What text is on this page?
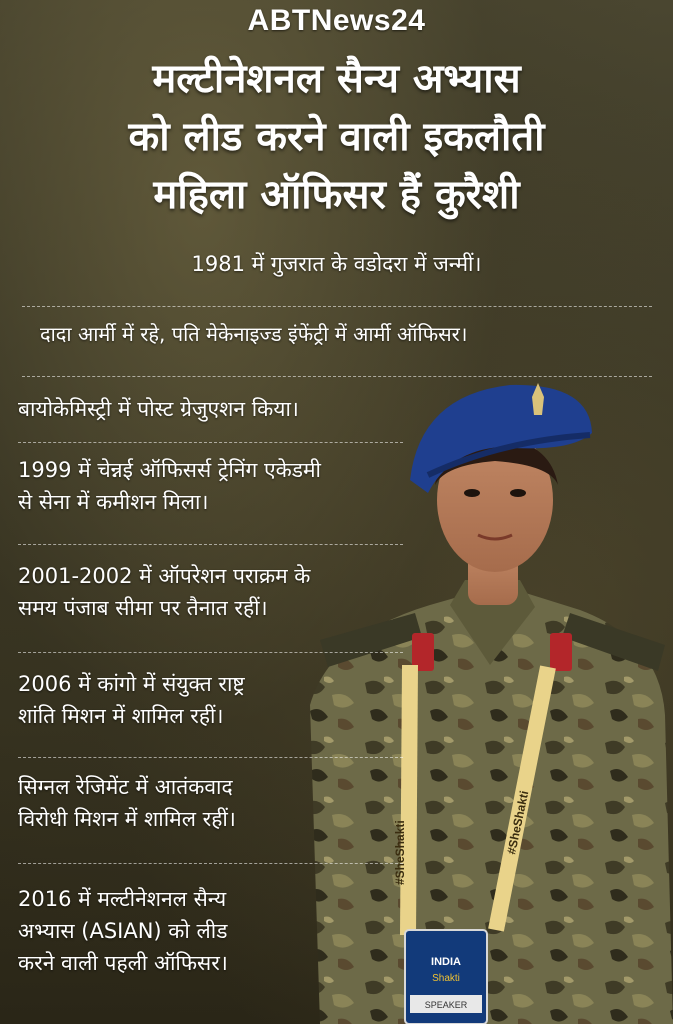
ABTNews24
मल्टीनेशनल सैन्य अभ्यास
को लीड करने वाली इकलौती
महिला ऑफिसर हैं कुरैशी
#SheShakti	#SheShakti
INDIA
Shakti
SPEAKER
1981 में गुजरात के वडोदरा में जन्मीं।
दादा आर्मी में रहे, पति मेकेनाइज्ड इंफेंट्री में आर्मी ऑफिसर।
बायोकेमिस्ट्री में पोस्ट ग्रेजुएशन किया।
1999 में चेन्नई ऑफिसर्स ट्रेनिंग एकेडमी
से सेना में कमीशन मिला।
2001-2002 में ऑपरेशन पराक्रम के
समय पंजाब सीमा पर तैनात रहीं।
2006 में कांगो में संयुक्त राष्ट्र
शांति मिशन में शामिल रहीं।
सिग्नल रेजिमेंट में आतंकवाद
विरोधी मिशन में शामिल रहीं।
2016 में मल्टीनेशनल सैन्य
अभ्यास (ASIAN) को लीड
करने वाली पहली ऑफिसर।
